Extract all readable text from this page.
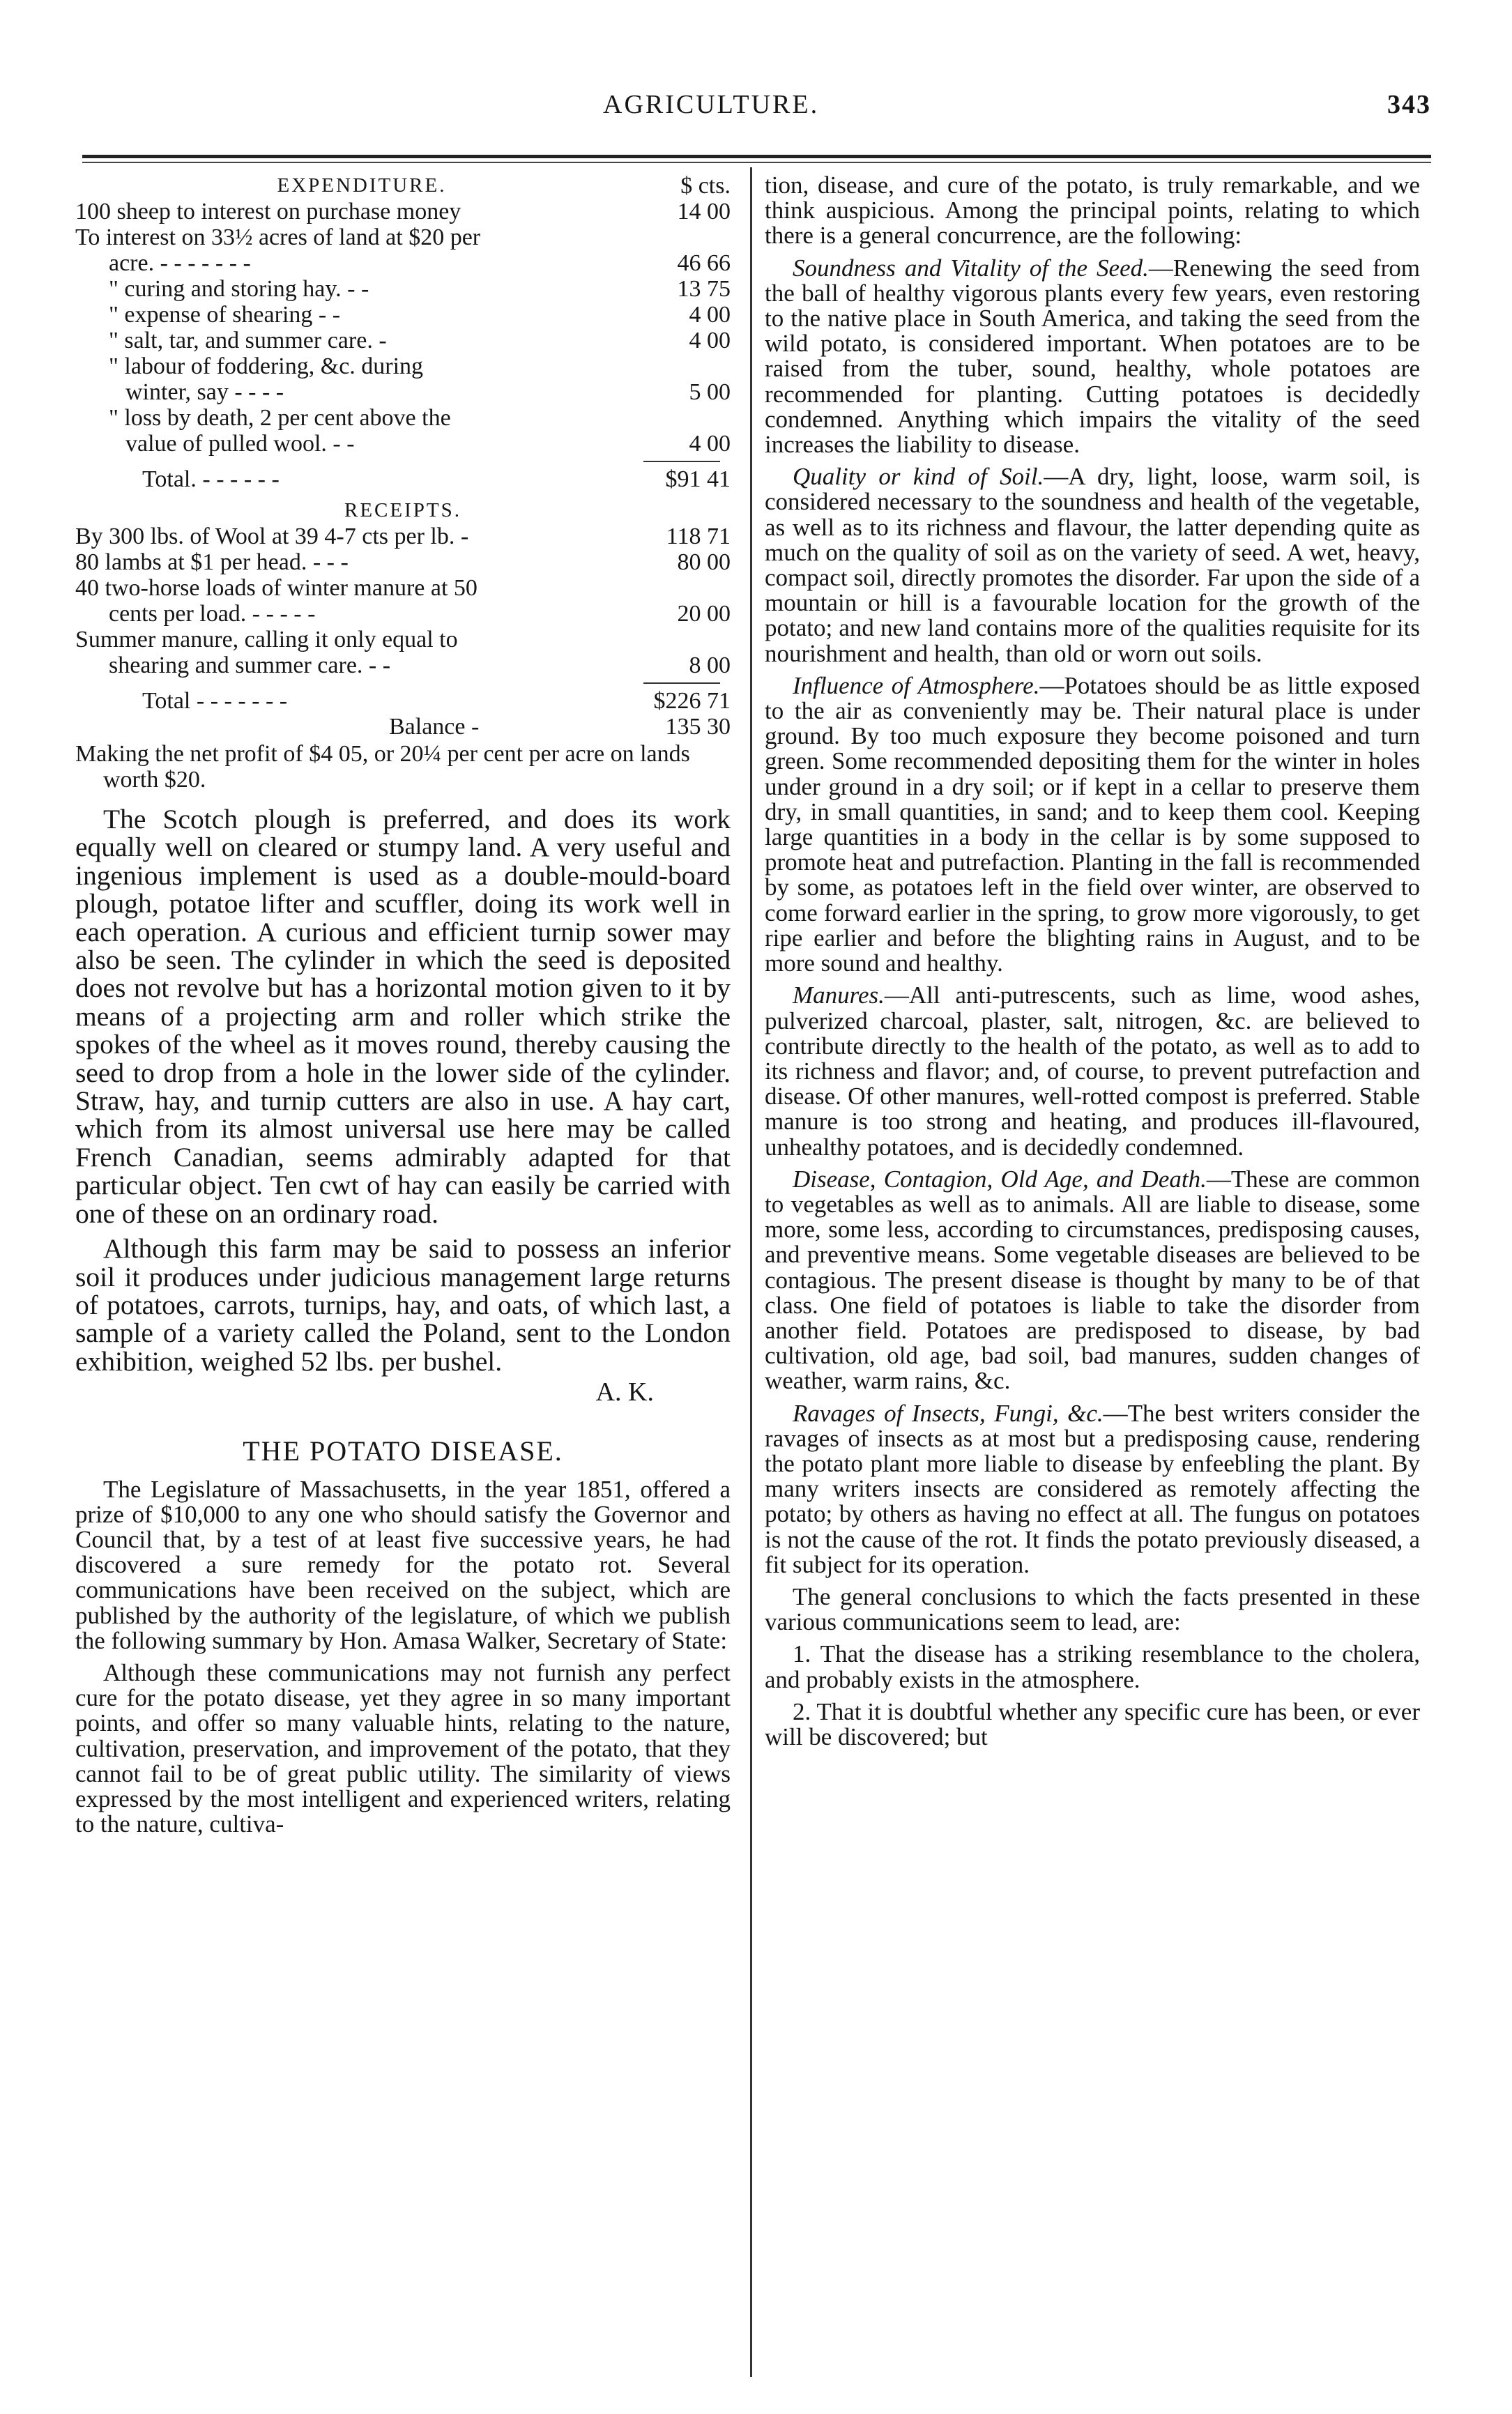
AGRICULTURE.	343
EXPENDITURE.	$ cts.
100 sheep to interest on purchase money	14 00
To interest on 33½ acres of land at $20 per
acre. - - - - - - -	46 66
" curing and storing hay. - -	13 75
" expense of shearing - -	4 00
" salt, tar, and summer care. -	4 00
" labour of foddering, &c. during
winter, say - - - -	5 00
" loss by death, 2 per cent above the
value of pulled wool. - -	4 00
Total. - - - - - -	$91 41
RECEIPTS.
By 300 lbs. of Wool at 39 4-7 cts per lb. -	118 71
80 lambs at $1 per head. - - -	80 00
40 two-horse loads of winter manure at 50
cents per load. - - - - -	20 00
Summer manure, calling it only equal to
shearing and summer care. - -	8 00
Total - - - - - - -	$226 71
Balance -	135 30
Making the net profit of $4 05, or 20¼ per cent per acre on lands worth $20.

The Scotch plough is preferred, and does its work equally well on cleared or stumpy land. A very useful and ingenious implement is used as a double-mould-board plough, potatoe lifter and scuffler, doing its work well in each operation. A curious and efficient turnip sower may also be seen. The cylinder in which the seed is deposited does not revolve but has a horizontal motion given to it by means of a projecting arm and roller which strike the spokes of the wheel as it moves round, thereby causing the seed to drop from a hole in the lower side of the cylinder. Straw, hay, and turnip cutters are also in use. A hay cart, which from its almost universal use here may be called French Canadian, seems admirably adapted for that particular object. Ten cwt of hay can easily be carried with one of these on an ordinary road.

Although this farm may be said to possess an inferior soil it produces under judicious management large returns of potatoes, carrots, turnips, hay, and oats, of which last, a sample of a variety called the Poland, sent to the London exhibition, weighed 52 lbs. per bushel.

A. K.
THE POTATO DISEASE.

The Legislature of Massachusetts, in the year 1851, offered a prize of $10,000 to any one who should satisfy the Governor and Council that, by a test of at least five successive years, he had discovered a sure remedy for the potato rot. Several communications have been received on the subject, which are published by the authority of the legislature, of which we publish the following summary by Hon. Amasa Walker, Secretary of State:

Although these communications may not furnish any perfect cure for the potato disease, yet they agree in so many important points, and offer so many valuable hints, relating to the nature, cultivation, preservation, and improvement of the potato, that they cannot fail to be of great public utility. The similarity of views expressed by the most intelligent and experienced writers, relating to the nature, cultiva-

tion, disease, and cure of the potato, is truly remarkable, and we think auspicious. Among the principal points, relating to which there is a general concurrence, are the following:

Soundness and Vitality of the Seed.—Renewing the seed from the ball of healthy vigorous plants every few years, even restoring to the native place in South America, and taking the seed from the wild potato, is considered important. When potatoes are to be raised from the tuber, sound, healthy, whole potatoes are recommended for planting. Cutting potatoes is decidedly condemned. Anything which impairs the vitality of the seed increases the liability to disease.

Quality or kind of Soil.—A dry, light, loose, warm soil, is considered necessary to the soundness and health of the vegetable, as well as to its richness and flavour, the latter depending quite as much on the quality of soil as on the variety of seed. A wet, heavy, compact soil, directly promotes the disorder. Far upon the side of a mountain or hill is a favourable location for the growth of the potato; and new land contains more of the qualities requisite for its nourishment and health, than old or worn out soils.

Influence of Atmosphere.—Potatoes should be as little exposed to the air as conveniently may be. Their natural place is under ground. By too much exposure they become poisoned and turn green. Some recommended depositing them for the winter in holes under ground in a dry soil; or if kept in a cellar to preserve them dry, in small quantities, in sand; and to keep them cool. Keeping large quantities in a body in the cellar is by some supposed to promote heat and putrefaction. Planting in the fall is recommended by some, as potatoes left in the field over winter, are observed to come forward earlier in the spring, to grow more vigorously, to get ripe earlier and before the blighting rains in August, and to be more sound and healthy.

Manures.—All anti-putrescents, such as lime, wood ashes, pulverized charcoal, plaster, salt, nitrogen, &c. are believed to contribute directly to the health of the potato, as well as to add to its richness and flavor; and, of course, to prevent putrefaction and disease. Of other manures, well-rotted compost is preferred. Stable manure is too strong and heating, and produces ill-flavoured, unhealthy potatoes, and is decidedly condemned.

Disease, Contagion, Old Age, and Death.—These are common to vegetables as well as to animals. All are liable to disease, some more, some less, according to circumstances, predisposing causes, and preventive means. Some vegetable diseases are believed to be contagious. The present disease is thought by many to be of that class. One field of potatoes is liable to take the disorder from another field. Potatoes are predisposed to disease, by bad cultivation, old age, bad soil, bad manures, sudden changes of weather, warm rains, &c.

Ravages of Insects, Fungi, &c.—The best writers consider the ravages of insects as at most but a predisposing cause, rendering the potato plant more liable to disease by enfeebling the plant. By many writers insects are considered as remotely affecting the potato; by others as having no effect at all. The fungus on potatoes is not the cause of the rot. It finds the potato previously diseased, a fit subject for its operation.

The general conclusions to which the facts presented in these various communications seem to lead, are:

1. That the disease has a striking resemblance to the cholera, and probably exists in the atmosphere.

2. That it is doubtful whether any specific cure has been, or ever will be discovered; but
